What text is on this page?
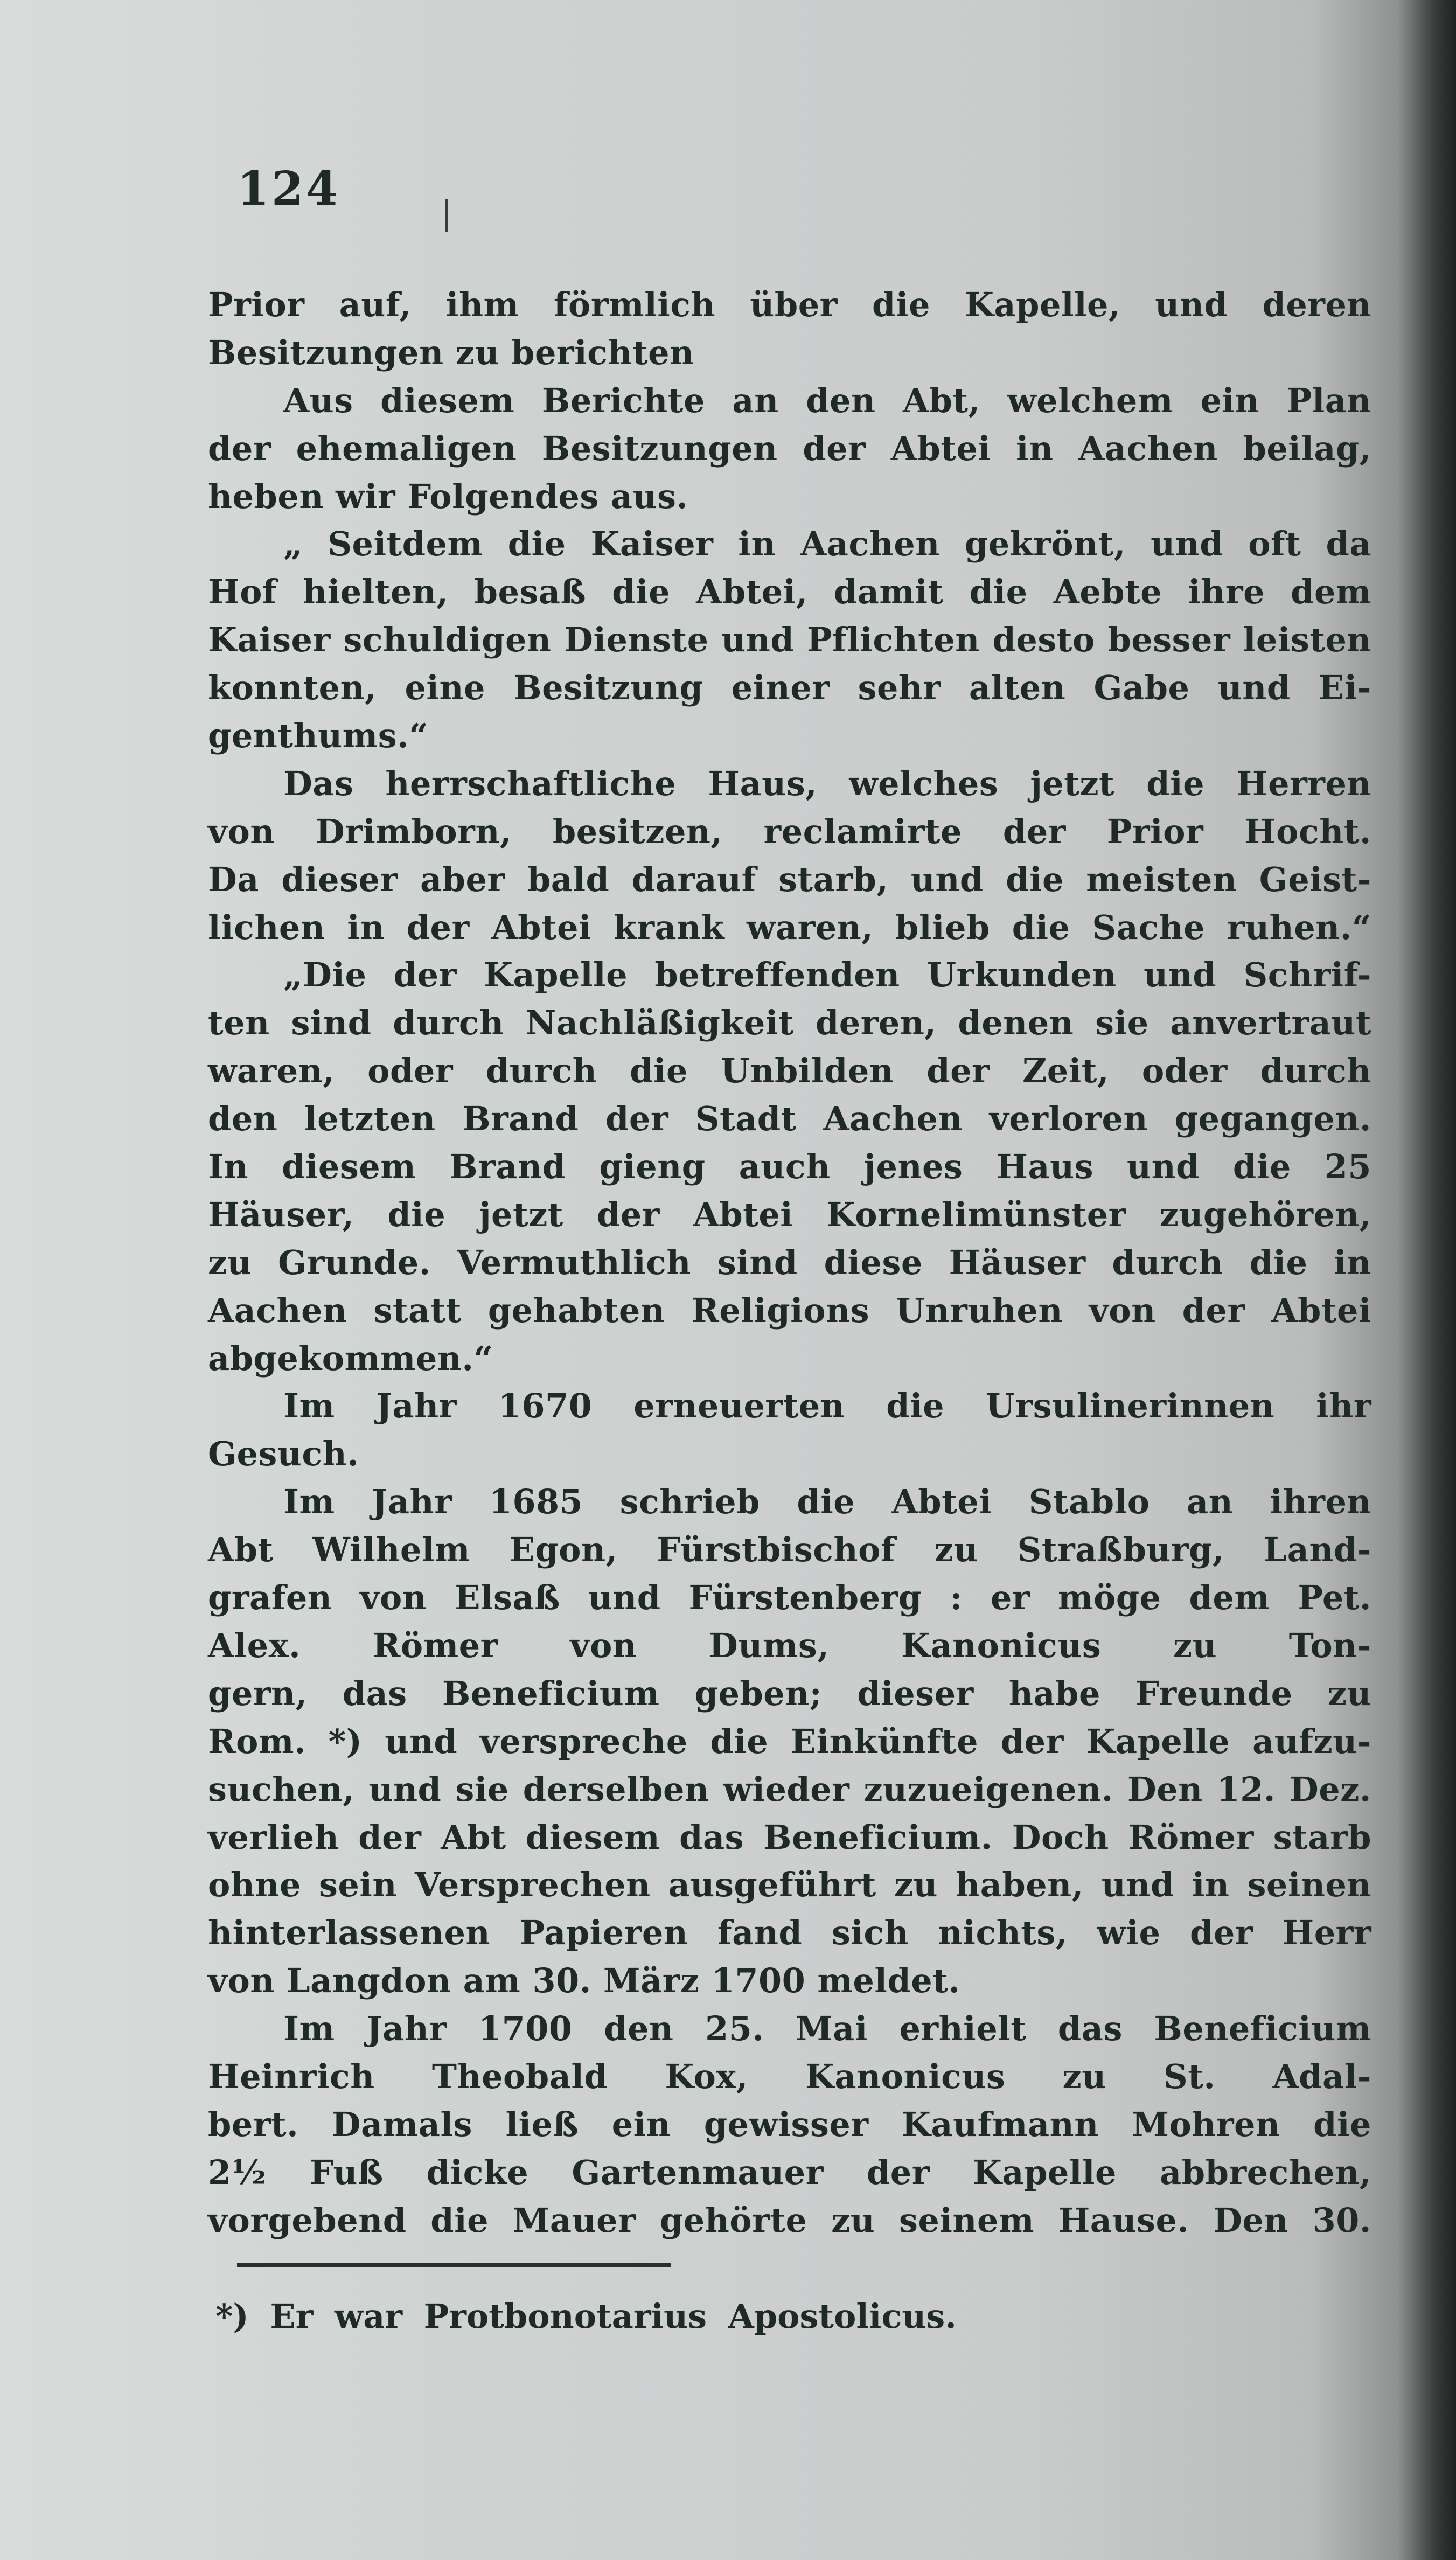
124
Prior auf, ihm förmlich über die Kapelle, und deren
Besitzungen zu berichten
Aus diesem Berichte an den Abt, welchem ein Plan
der ehemaligen Besitzungen der Abtei in Aachen beilag,
heben wir Folgendes aus.
„ Seitdem die Kaiser in Aachen gekrönt, und oft da
Hof hielten, besaß die Abtei, damit die Aebte ihre dem
Kaiser schuldigen Dienste und Pflichten desto besser leisten
konnten, eine Besitzung einer sehr alten Gabe und Ei-
genthums.“
Das herrschaftliche Haus, welches jetzt die Herren
von Drimborn, besitzen, reclamirte der Prior Hocht.
Da dieser aber bald darauf starb, und die meisten Geist-
lichen in der Abtei krank waren, blieb die Sache ruhen.“
„Die der Kapelle betreffenden Urkunden und Schrif-
ten sind durch Nachläßigkeit deren, denen sie anvertraut
waren, oder durch die Unbilden der Zeit, oder durch
den letzten Brand der Stadt Aachen verloren gegangen.
In diesem Brand gieng auch jenes Haus und die 25
Häuser, die jetzt der Abtei Kornelimünster zugehören,
zu Grunde. Vermuthlich sind diese Häuser durch die in
Aachen statt gehabten Religions Unruhen von der Abtei
abgekommen.“
Im Jahr 1670 erneuerten die Ursulinerinnen ihr
Gesuch.
Im Jahr 1685 schrieb die Abtei Stablo an ihren
Abt Wilhelm Egon, Fürstbischof zu Straßburg, Land-
grafen von Elsaß und Fürstenberg : er möge dem Pet.
Alex. Römer von Dums, Kanonicus zu Ton-
gern, das Beneficium geben; dieser habe Freunde zu
Rom. *) und verspreche die Einkünfte der Kapelle aufzu-
suchen, und sie derselben wieder zuzueigenen. Den 12. Dez.
verlieh der Abt diesem das Beneficium. Doch Römer starb
ohne sein Versprechen ausgeführt zu haben, und in seinen
hinterlassenen Papieren fand sich nichts, wie der Herr
von Langdon am 30. März 1700 meldet.
Im Jahr 1700 den 25. Mai erhielt das Beneficium
Heinrich Theobald Kox, Kanonicus zu St. Adal-
bert. Damals ließ ein gewisser Kaufmann Mohren die
2½ Fuß dicke Gartenmauer der Kapelle abbrechen,
vorgebend die Mauer gehörte zu seinem Hause. Den 30.
*) Er war Protbonotarius Apostolicus.
